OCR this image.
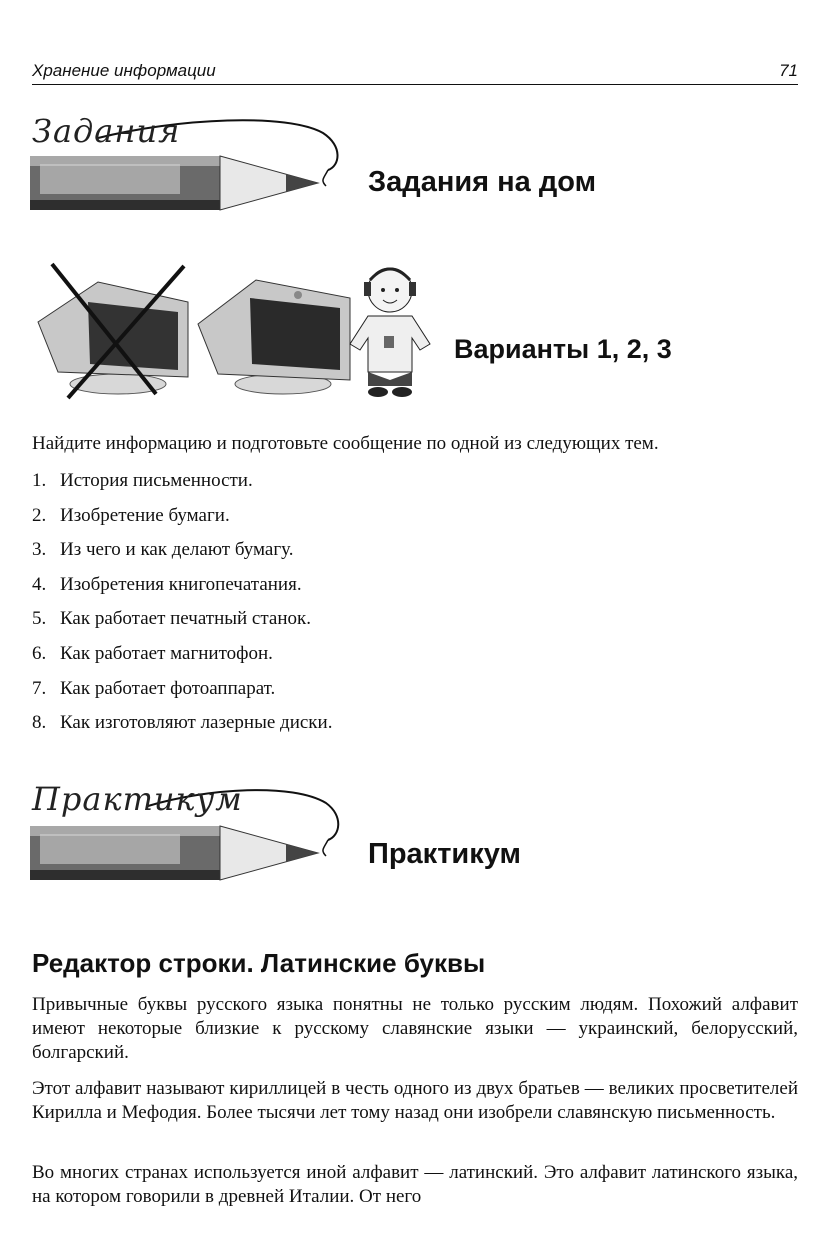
Хранение информации	71
Задания
Задания на дом
Варианты 1, 2, 3
Найдите информацию и подготовьте сообщение по одной из следующих тем.
1. История письменности.
2. Изобретение бумаги.
3. Из чего и как делают бумагу.
4. Изобретения книгопечатания.
5. Как работает печатный станок.
6. Как работает магнитофон.
7. Как работает фотоаппарат.
8. Как изготовляют лазерные диски.
Практикум
Практикум
Редактор строки. Латинские буквы

Привычные буквы русского языка понятны не только русским людям. Похожий алфавит имеют некоторые близкие к русскому славянские языки — украинский, белорусский, болгарский.

Этот алфавит называют кириллицей в честь одного из двух братьев — великих просветителей Кирилла и Мефодия. Более тысячи лет тому назад они изобрели славянскую письменность.

Во многих странах используется иной алфавит — латинский. Это алфавит латинского языка, на котором говорили в древней Италии. От него
